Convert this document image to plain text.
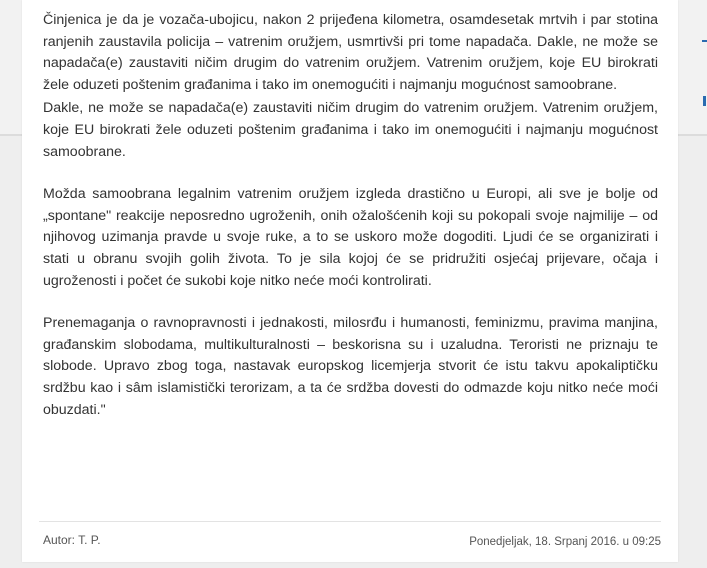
Činjenica je da je vozača-ubojicu, nakon 2 prijeđena kilometra, osamdesetak mrtvih i par stotina ranjenih zaustavila policija – vatrenim oružjem, usmrtivši pri tome napadača. Dakle, ne može se napadača(e) zaustaviti ničim drugim do vatrenim oružjem. Vatrenim oružjem, koje EU birokrati žele oduzeti poštenim građanima i tako im onemogućiti i najmanju mogućnost samoobrane.

Dakle, ne može se napadača(e) zaustaviti ničim drugim do vatrenim oružjem. Vatrenim oružjem, koje EU birokrati žele oduzeti poštenim građanima i tako im onemogućiti i najmanju mogućnost samoobrane.

Možda samoobrana legalnim vatrenim oružjem izgleda drastično u Europi, ali sve je bolje od „spontane" reakcije neposredno ugroženih, onih ožalošćenih koji su pokopali svoje najmilije – od njihovog uzimanja pravde u svoje ruke, a to se uskoro može dogoditi. Ljudi će se organizirati i stati u obranu svojih golih života. To je sila kojoj će se pridružiti osjećaj prijevare, očaja i ugroženosti i počet će sukobi koje nitko neće moći kontrolirati.

Prenemaganja o ravnopravnosti i jednakosti, milosrđu i humanosti, feminizmu, pravima manjina, građanskim slobodama, multikulturalnosti – beskorisna su i uzaludna. Teroristi ne priznaju te slobode. Upravo zbog toga, nastavak europskog licemjerja stvorit će istu takvu apokaliptičku srdžbu kao i sâm islamistički terorizam, a ta će srdžba dovesti do odmazde koju nitko neće moći obuzdati."

Autor: T. P.	Ponedjeljak, 18. Srpanj 2016. u 09:25
